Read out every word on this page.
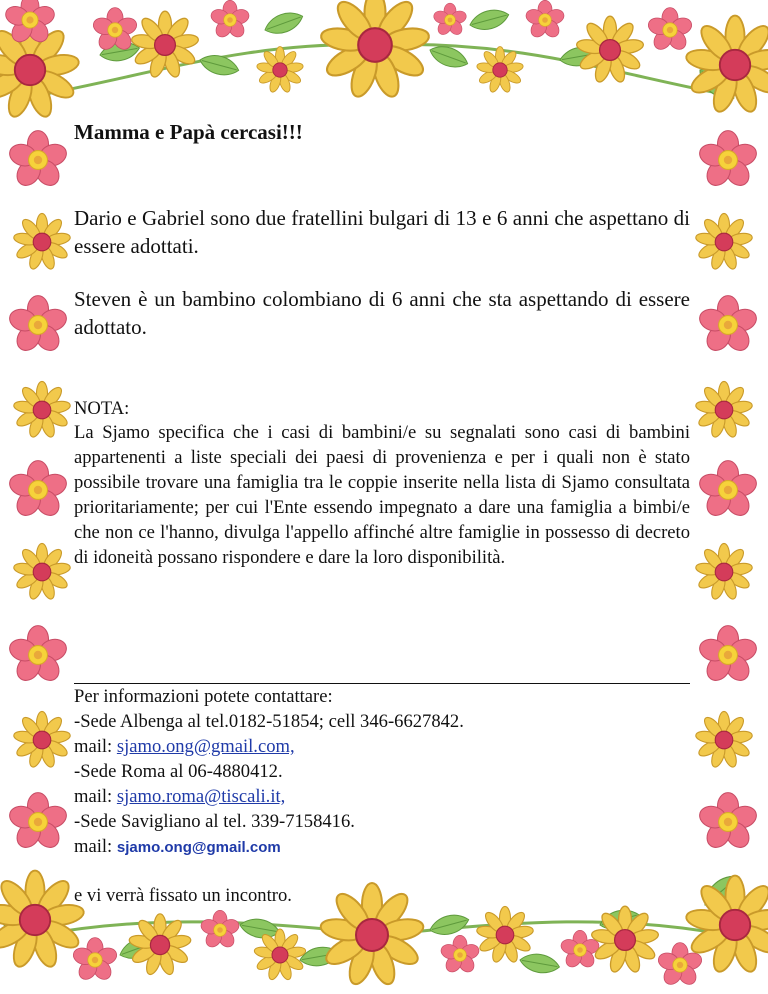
Mamma e Papà cercasi!!!
Dario e Gabriel sono due fratellini bulgari di 13 e 6 anni che aspettano di essere adottati.
Steven è un bambino colombiano di 6 anni che sta aspettando di essere adottato.
NOTA:
La Sjamo specifica che i casi di bambini/e su segnalati sono casi di bambini appartenenti a liste speciali dei paesi di provenienza e per i quali non è stato possibile trovare una famiglia tra le coppie inserite nella lista di Sjamo consultata prioritariamente; per cui l'Ente essendo impegnato a dare una famiglia a bimbi/e che non ce l'hanno, divulga l'appello affinché altre famiglie in possesso di decreto di idoneità possano rispondere e dare la loro disponibilità.
Per informazioni potete contattare:
-Sede Albenga al tel.0182-51854; cell 346-6627842.
mail: sjamo.ong@gmail.com,
-Sede Roma al 06-4880412.
mail: sjamo.roma@tiscali.it,
-Sede Savigliano al tel. 339-7158416.
mail: sjamo.ong@gmail.com
e vi verrà fissato un incontro.
